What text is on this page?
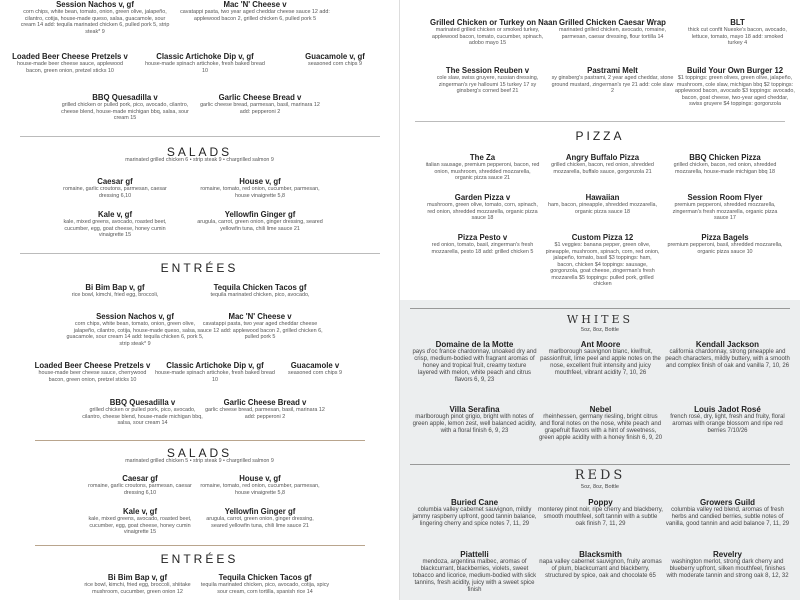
Session Nachos v, gf
corn chips, white bean, tomato, onion, green olive, jalapeño, cilantro, cotija, house-made queso, salsa, guacamole, sour cream 14 add: tequila marinated chicken 6, pulled pork 5, strip steak* 9
Mac 'N' Cheese v
cavatappi pasta, two year aged cheddar cheese sauce 12 add: applewood bacon 2, grilled chicken 6, pulled pork 5
Loaded Beer Cheese Pretzels v
house-made beer cheese sauce, applewood bacon, green onion, pretzel sticks 10
Classic Artichoke Dip v, gf
house-made spinach artichoke, fresh baked bread 10
Guacamole v, gf
seasoned corn chips 9
BBQ Quesadilla v
grilled chicken or pulled pork, pico, avocado, cilantro, cheese blend, house-made michigan bbq, salsa, sour cream 15
Garlic Cheese Bread v
garlic cheese bread, parmesan, basil, marinara 12 add: pepperoni 2
SALADS
marinated grilled chicken 6 • strip steak 9 • chargrilled salmon 9
Caesar gf
romaine, garlic croutons, parmesan, caesar dressing 6,10
House v, gf
romaine, tomato, red onion, cucumber, parmesan, house vinaigrette 5,8
Kale v, gf
kale, mixed greens, avocado, roasted beet, cucumber, egg, goat cheese, honey cumin vinaigrette 15
Yellowfin Ginger gf
arugula, carrot, green onion, ginger dressing, seared yellowfin tuna, chili lime sauce 21
ENTRÉES
Bi Bim Bap v, gf
rice bowl, kimchi, fried egg, broccoli,
Tequila Chicken Tacos gf
tequila marinated chicken, pico, avocado,
Session Nachos v, gf
corn chips, white bean, tomato, onion, green olive, jalapeño, cilantro, cotija, house-made queso, salsa, guacamole, sour cream 14 add: tequila chicken 6, pork 5, strip steak* 9
Mac 'N' Cheese v
cavatappi pasta, two year aged cheddar cheese sauce 12 add: applewood bacon 2, grilled chicken 6, pulled pork 5
Loaded Beer Cheese Pretzels v
house-made beer cheese sauce, cherrywood bacon, green onion, pretzel sticks 10
Classic Artichoke Dip v, gf
house-made spinach artichoke, fresh baked bread 10
Guacamole v
seasoned corn chips 9
BBQ Quesadilla v
grilled chicken or pulled pork, pico, avocado, cilantro, cheese blend, house-made michigan bbq, salsa, sour cream 14
Garlic Cheese Bread v
garlic cheese bread, parmesan, basil, marinara 12 add: pepperoni 2
SALADS
marinated grilled chicken 5 • strip steak 9 • chargrilled salmon 9
Caesar gf
romaine, garlic croutons, parmesan, caesar dressing 6,10
House v, gf
romaine, tomato, red onion, cucumber, parmesan, house vinaigrette 5,8
Kale v, gf
kale, mixed greens, avocado, roasted beet, cucumber, egg, goat cheese, honey cumin vinaigrette 15
Yellowfin Ginger gf
arugula, carrot, green onion, ginger dressing, seared yellowfin tuna, chili lime sauce 21
ENTRÉES
Bi Bim Bap v, gf
rice bowl, kimchi, fried egg, broccoli, shiitake mushroom, cucumber, green onion 12
Tequila Chicken Tacos gf
tequila marinated chicken, pico, avocado, cotija, spicy sour cream, corn tortilla, spanish rice 14
Grilled Chicken or Turkey on Naan
marinated grilled chicken or smoked turkey, applewood bacon, tomato, cucumber, spinach, adobo mayo 15
Grilled Chicken Caesar Wrap
marinated grilled chicken, avocado, romaine, parmesan, caesar dressing, flour tortilla 14
BLT
thick cut confit Nueske's bacon, avocado, lettuce, tomato, mayo 18 add: smoked turkey 4
The Session Reuben v
cole slaw, swiss gruyere, russian dressing, zingerman's rye halloumi 15 turkey 17 sy ginsberg's corned beef 21
Pastrami Melt
sy ginsberg's pastrami, 2 year aged cheddar, stone ground mustard, zingerman's rye 21 add: cole slaw 2
Build Your Own Burger 12
$1 toppings: green olives, green olive, jalapeño, mushroom, cole slaw, michigan bbq $2 toppings: applewood bacon, avocado $3 toppings: avocado, bacon, goat cheese, two-year aged cheddar, swiss gruyere $4 toppings: gorgonzola
PIZZA
The Za
italian sausage, premium pepperoni, bacon, red onion, mushroom, shredded mozzarella, organic pizza sauce 21
Angry Buffalo Pizza
grilled chicken, bacon, red onion, shredded mozzarella, buffalo sauce, gorgonzola 21
BBQ Chicken Pizza
grilled chicken, bacon, red onion, shredded mozzarella, house-made michigan bbq 18
Garden Pizza v
mushroom, green olive, tomato, corn, spinach, red onion, shredded mozzarella, organic pizza sauce 18
Hawaiian
ham, bacon, pineapple, shredded mozzarella, organic pizza sauce 18
Session Room Flyer
premium pepperoni, shredded mozzarella, zingerman's fresh mozzarella, organic pizza sauce 17
Pizza Pesto v
red onion, tomato, basil, zingerman's fresh mozzarella, pesto 18 add: grilled chicken 5
Custom Pizza 12
$1 veggies: banana pepper, green olive, pineapple, mushroom, spinach, corn, red onion, jalapeño, tomato, basil $3 toppings: ham, bacon, chicken $4 toppings: sausage, gorgonzola, goat cheese, zingerman's fresh mozzarella $5 toppings: pulled pork, grilled chicken
Pizza Bagels
premium pepperoni, basil, shredded mozzarella, organic pizza sauce 10
WHITES
5oz, 8oz, Bottle
Domaine de la Motte
pays d'oc france chardonnay, unoaked dry and crisp, medium-bodied with fragrant aromas of honey and tropical fruit, creamy texture layered with melon, white peach and citrus flavors 6, 9, 23
Ant Moore
marlborough sauvignon blanc, kiwifruit, passionfruit, lime peel and apple notes on the nose, excellent fruit intensity and juicy mouthfeel, vibrant acidity 7, 10, 26
Kendall Jackson
california chardonnay, strong pineapple and peach characters, mildly buttery, with a smooth and complex finish of oak and vanilla 7, 10, 26
Villa Serafina
marlborough pinot grigio, bright with notes of green apple, lemon zest, well balanced acidity, with a floral finish 6, 9, 23
Nebel
rheinhessen, germany riesling, bright citrus and floral notes on the nose, white peach and grapefruit flavors with a hint of sweetness, green apple acidity with a honey finish 6, 9, 20
Louis Jadot Rosé
french rosé, dry, light, fresh and fruity, floral aromas with orange blossom and ripe red berries 7/10/26
REDS
5oz, 8oz, Bottle
Buried Cane
columbia valley cabernet sauvignon, mildly jammy raspberry upfront, good tannin balance, lingering cherry and spice notes 7, 11, 29
Poppy
monterey pinot noir, ripe cherry and blackberry, smooth mouthfeel, soft tannin with a subtle oak finish 7, 11, 29
Growers Guild
columbia valley red blend, aromas of fresh herbs and candied berries, subtle notes of vanilla, good tannin and acid balance 7, 11, 29
Piattelli
mendoza, argentina malbec, aromas of blackcurrant, blackberries, violets, sweet tobacco and licorice, medium-bodied with slick tannins, fresh acidity, juicy with a sweet spice finish
Blacksmith
napa valley cabernet sauvignon, fruity aromas of plum, blackcurrant and blackberry, structured by spice, oak and chocolate 65
Revelry
washington merlot, strong dark cherry and blueberry upfront, silken mouthfeel, finishes with moderate tannin and strong oak 8, 12, 32
